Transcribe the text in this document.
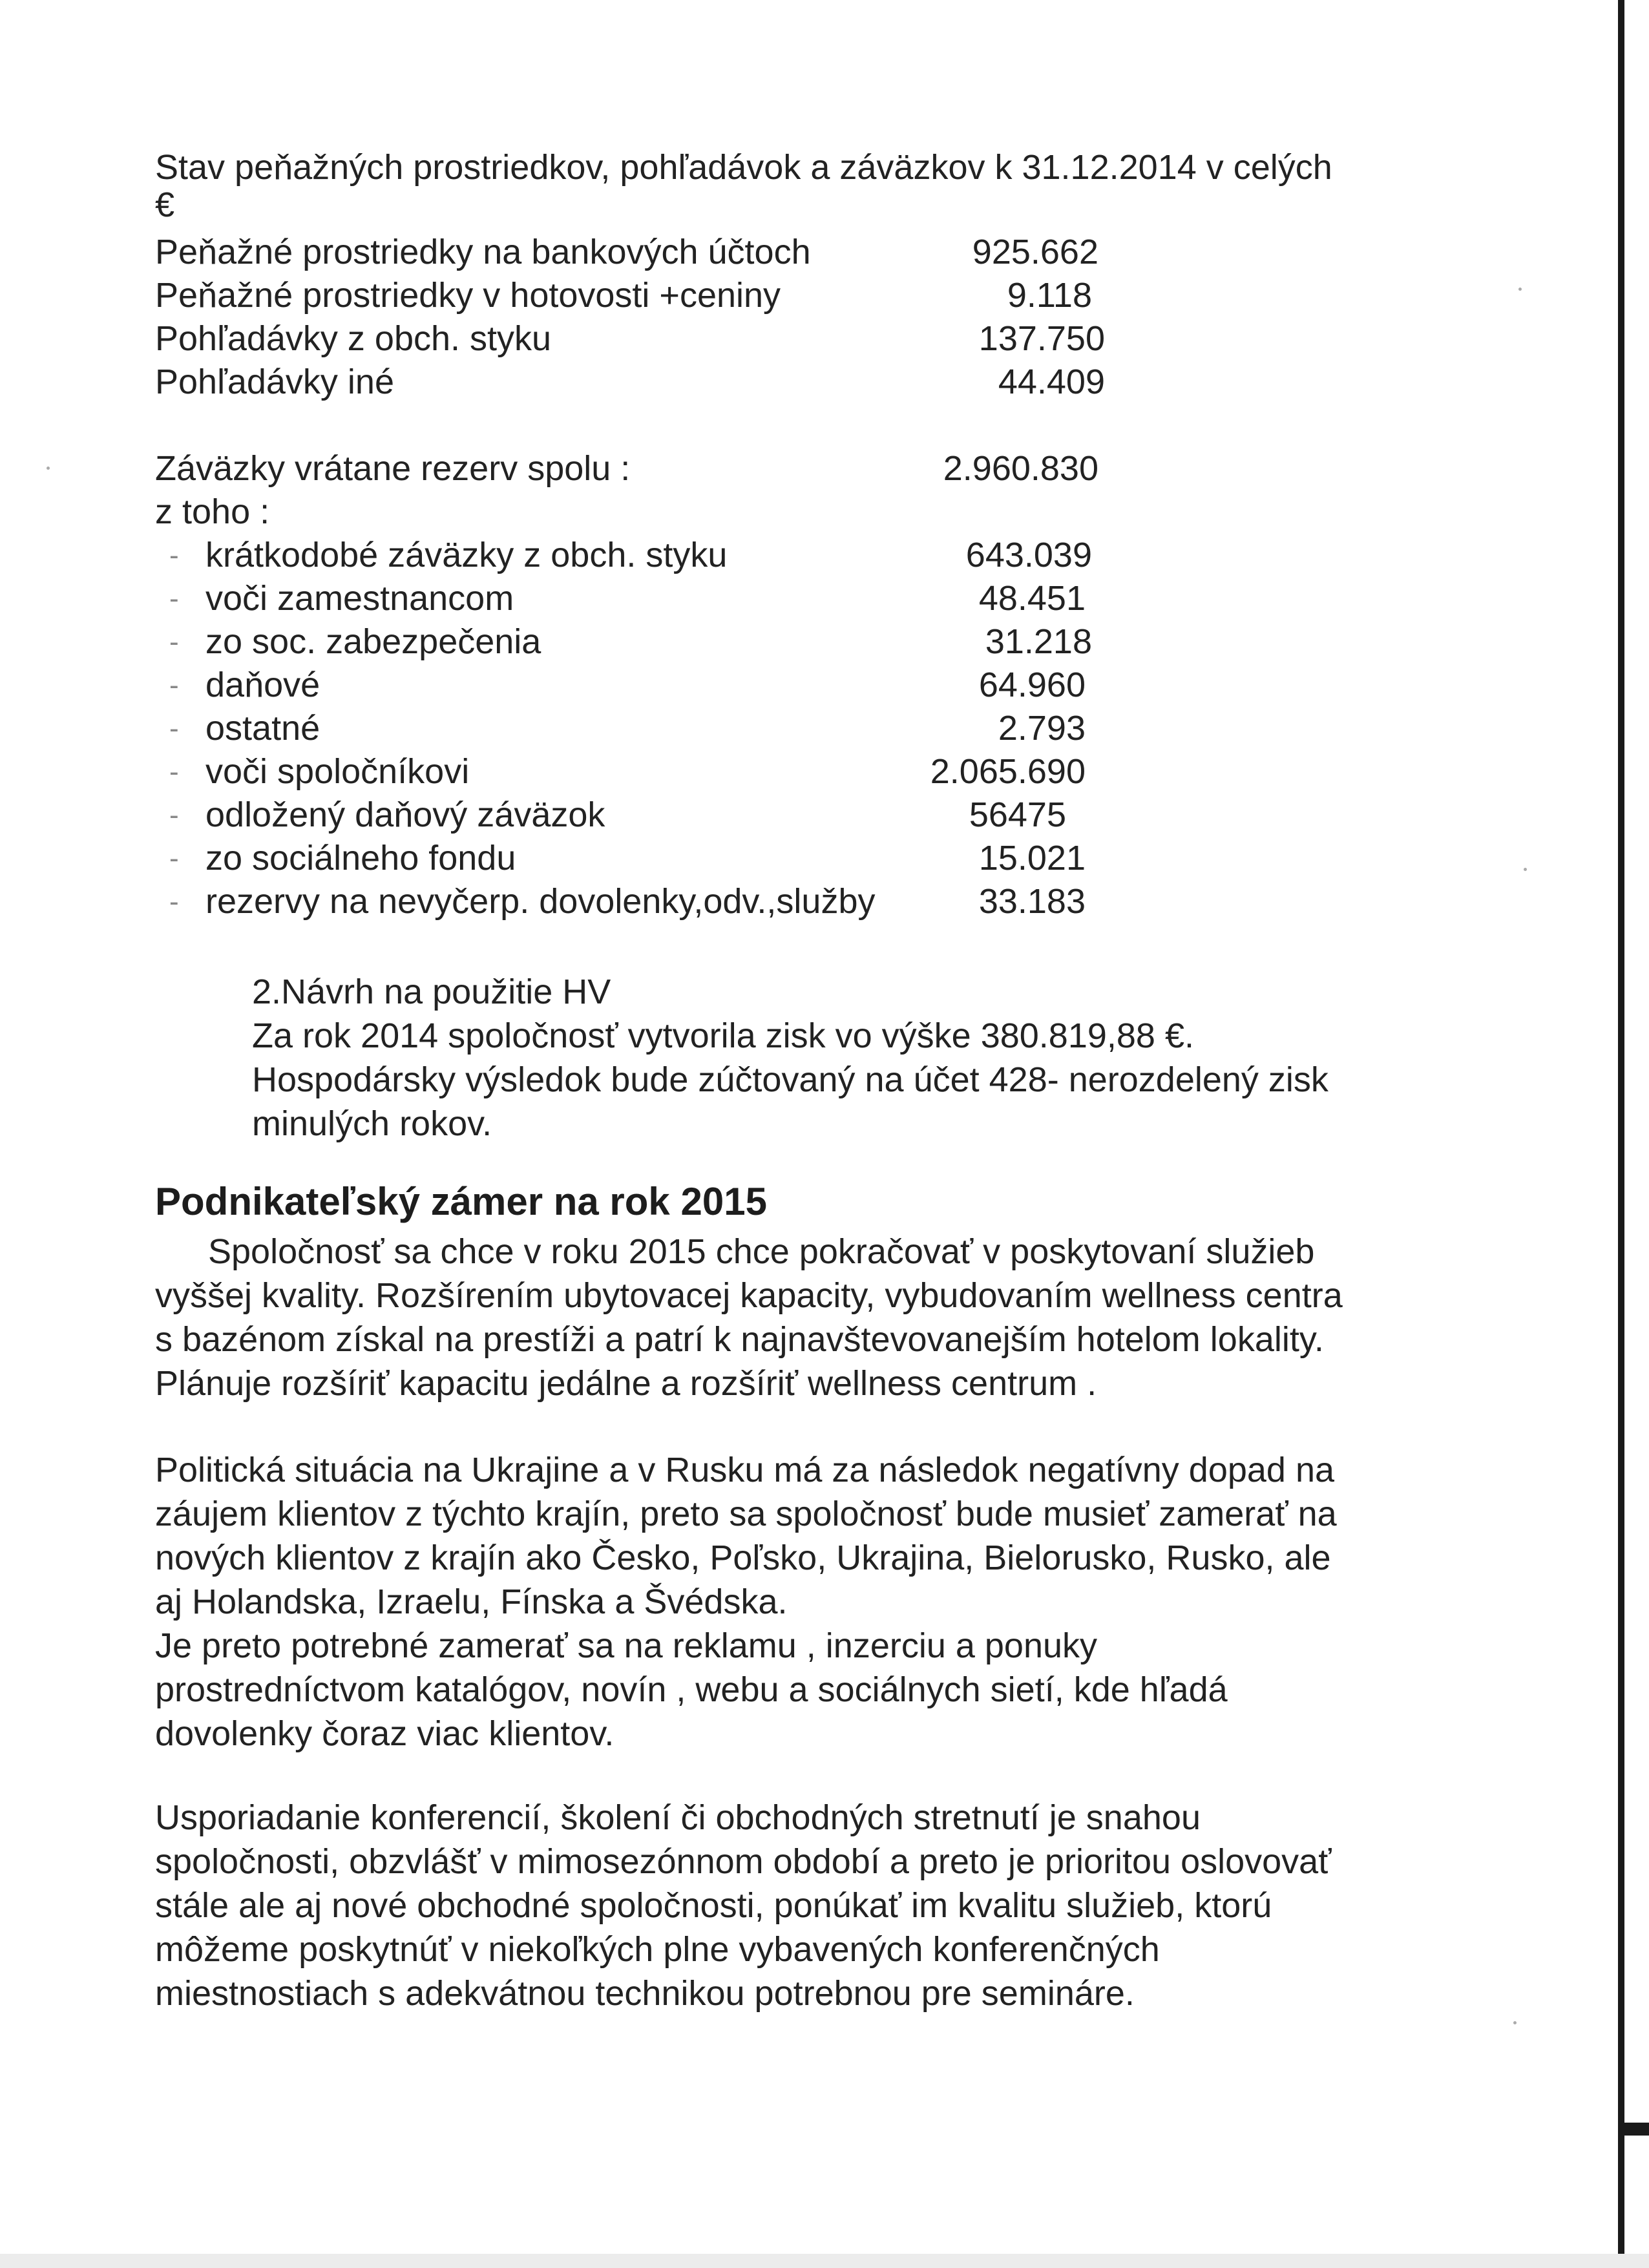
Stav peňažných prostriedkov, pohľadávok a záväzkov k 31.12.2014 v celých
€
Peňažné prostriedky na bankových účtoch	925.662
Peňažné prostriedky v hotovosti +ceniny	9.118
Pohľadávky z obch. styku	137.750
Pohľadávky iné	44.409
Záväzky vrátane rezerv spolu :	2.960.830
z toho :
- krátkodobé záväzky z obch. styku	643.039
- voči zamestnancom	48.451
- zo soc. zabezpečenia	31.218
- daňové	64.960
- ostatné	2.793
- voči spoločníkovi	2.065.690
- odložený daňový záväzok	56475
- zo sociálneho fondu	15.021
- rezervy na nevyčerp. dovolenky,odv.,služby	33.183
2.Návrh na použitie HV
Za rok 2014 spoločnosť vytvorila zisk vo výške 380.819,88 €.
Hospodársky výsledok bude zúčtovaný na účet 428- nerozdelený zisk
minulých rokov.
Podnikateľský zámer na rok 2015
Spoločnosť sa chce v roku 2015 chce pokračovať v poskytovaní služieb
vyššej kvality. Rozšírením ubytovacej kapacity, vybudovaním wellness centra
s bazénom získal na prestíži a patrí k najnavštevovanejším hotelom lokality.
Plánuje rozšíriť kapacitu jedálne a rozšíriť wellness centrum .
Politická situácia na Ukrajine a v Rusku má za následok negatívny dopad na
záujem klientov z týchto krajín, preto sa spoločnosť bude musieť zamerať na
nových klientov z krajín ako Česko, Poľsko, Ukrajina, Bielorusko, Rusko, ale
aj Holandska, Izraelu, Fínska a Švédska.
Je preto potrebné zamerať sa na reklamu , inzerciu a ponuky
prostredníctvom katalógov, novín , webu a sociálnych sietí, kde hľadá
dovolenky čoraz viac klientov.
Usporiadanie konferencií, školení či obchodných stretnutí je snahou
spoločnosti, obzvlášť v mimosezónnom období a preto je prioritou oslovovať
stále ale aj nové obchodné spoločnosti, ponúkať im kvalitu služieb, ktorú
môžeme poskytnúť v niekoľkých plne vybavených konferenčných
miestnostiach s adekvátnou technikou potrebnou pre semináre.
